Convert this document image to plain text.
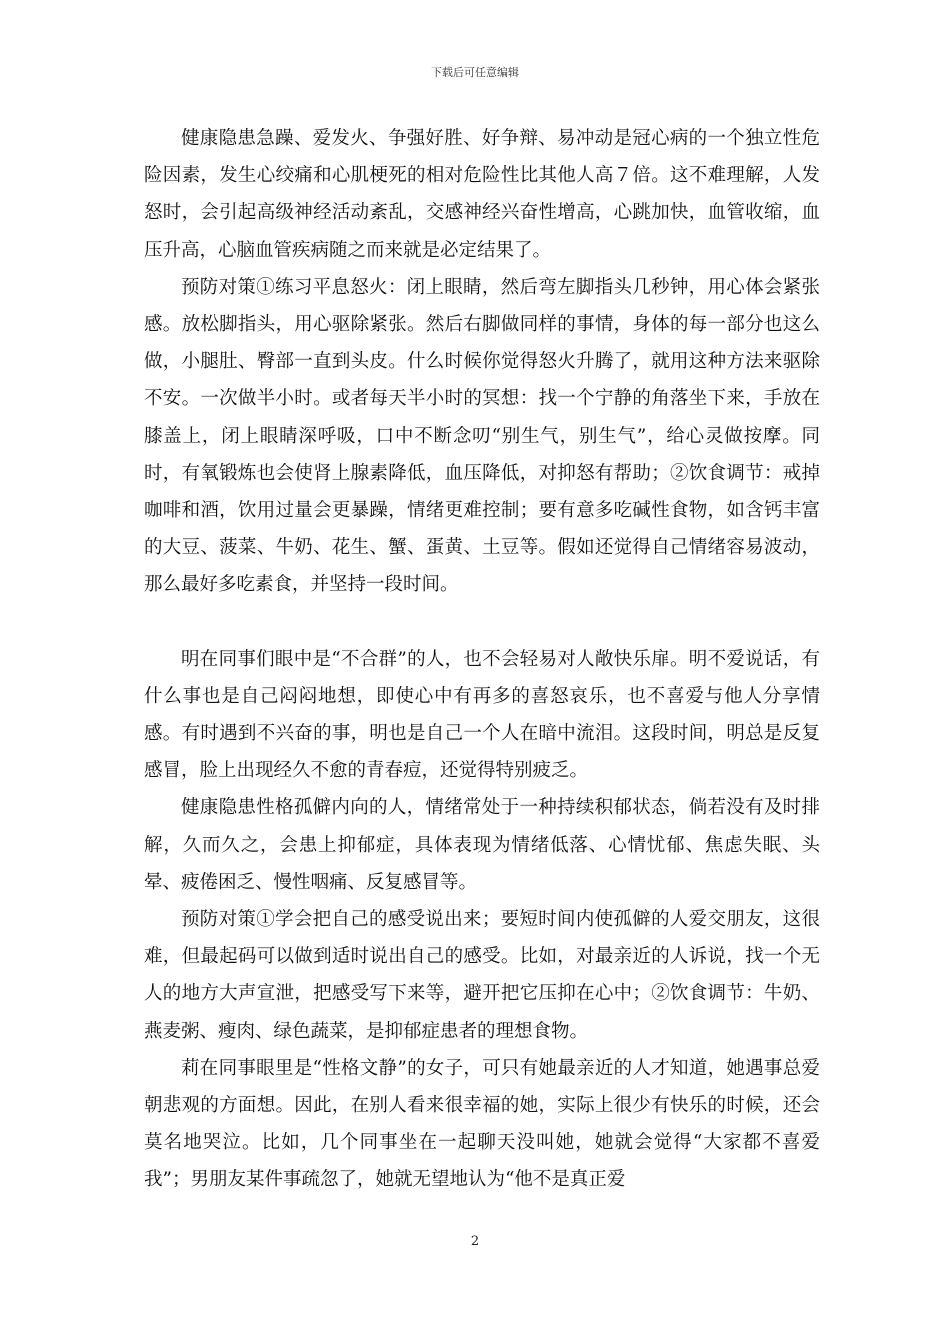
下载后可任意编辑

健康隐患急躁、爱发火、争强好胜、好争辩、易冲动是冠心病的一个独立性危险因素，发生心绞痛和心肌梗死的相对危险性比其他人高７倍。这不难理解，人发怒时，会引起高级神经活动紊乱，交感神经兴奋性增高，心跳加快，血管收缩，血压升高，心脑血管疾病随之而来就是必定结果了。

预防对策①练习平息怒火：闭上眼睛，然后弯左脚指头几秒钟，用心体会紧张感。放松脚指头，用心驱除紧张。然后右脚做同样的事情，身体的每一部分也这么做，小腿肚、臀部一直到头皮。什么时候你觉得怒火升腾了，就用这种方法来驱除不安。一次做半小时。或者每天半小时的冥想：找一个宁静的角落坐下来，手放在膝盖上，闭上眼睛深呼吸，口中不断念叨“别生气，别生气”，给心灵做按摩。同时，有氧锻炼也会使肾上腺素降低，血压降低，对抑怒有帮助；②饮食调节：戒掉咖啡和酒，饮用过量会更暴躁，情绪更难控制；要有意多吃碱性食物，如含钙丰富的大豆、菠菜、牛奶、花生、蟹、蛋黄、土豆等。假如还觉得自己情绪容易波动，那么最好多吃素食，并坚持一段时间。

明在同事们眼中是“不合群”的人，也不会轻易对人敞快乐扉。明不爱说话，有什么事也是自己闷闷地想，即使心中有再多的喜怒哀乐，也不喜爱与他人分享情感。有时遇到不兴奋的事，明也是自己一个人在暗中流泪。这段时间，明总是反复感冒，脸上出现经久不愈的青春痘，还觉得特别疲乏。

健康隐患性格孤僻内向的人，情绪常处于一种持续积郁状态，倘若没有及时排解，久而久之，会患上抑郁症，具体表现为情绪低落、心情忧郁、焦虑失眠、头晕、疲倦困乏、慢性咽痛、反复感冒等。

预防对策①学会把自己的感受说出来；要短时间内使孤僻的人爱交朋友，这很难，但最起码可以做到适时说出自己的感受。比如，对最亲近的人诉说，找一个无人的地方大声宣泄，把感受写下来等，避开把它压抑在心中；②饮食调节：牛奶、燕麦粥、瘦肉、绿色蔬菜，是抑郁症患者的理想食物。

莉在同事眼里是“性格文静”的女子，可只有她最亲近的人才知道，她遇事总爱朝悲观的方面想。因此，在别人看来很幸福的她，实际上很少有快乐的时候，还会莫名地哭泣。比如，几个同事坐在一起聊天没叫她，她就会觉得“大家都不喜爱我”；男朋友某件事疏忽了，她就无望地认为“他不是真正爱

2
